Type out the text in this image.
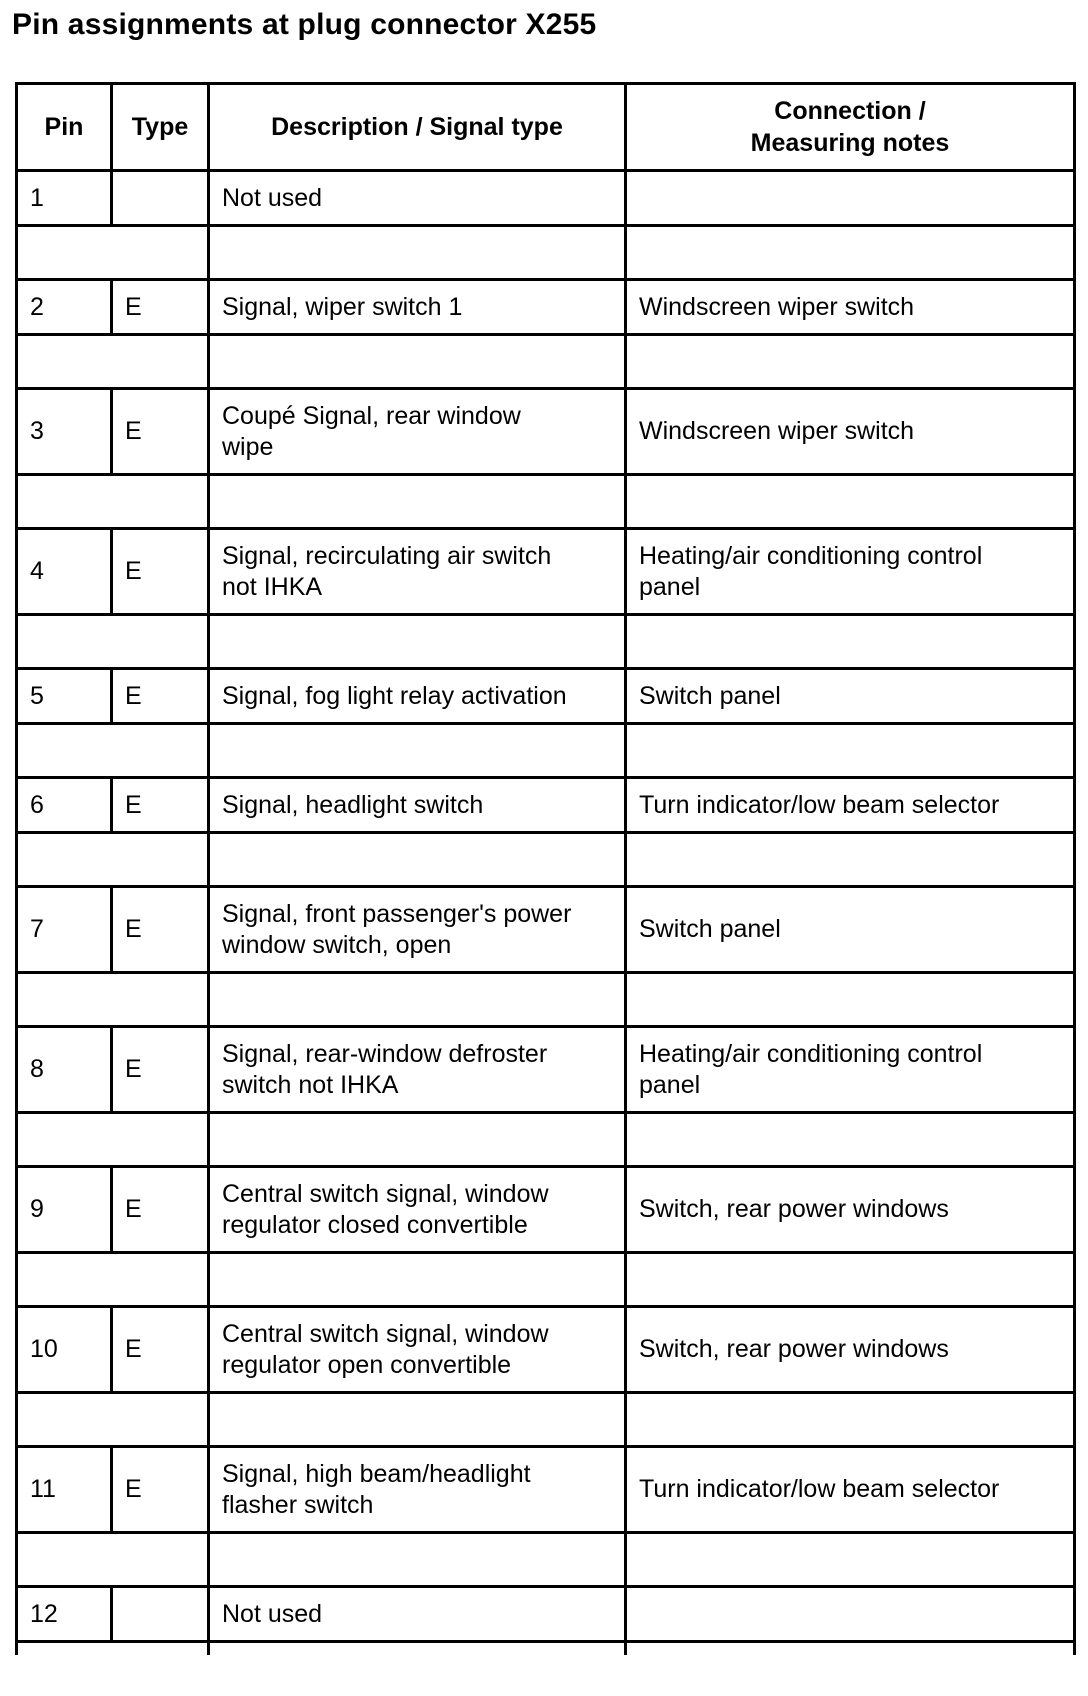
Pin assignments at plug connector X255
Pin	Type	Description / Signal type	Connection /
Measuring notes
1		Not used	

2	E	Signal, wiper switch 1	Windscreen wiper switch

3	E	Coupé Signal, rear window
wipe	Windscreen wiper switch

4	E	Signal, recirculating air switch
not IHKA	Heating/air conditioning control
panel

5	E	Signal, fog light relay activation	Switch panel

6	E	Signal, headlight switch	Turn indicator/low beam selector

7	E	Signal, front passenger's power
window switch, open	Switch panel

8	E	Signal, rear-window defroster
switch not IHKA	Heating/air conditioning control
panel

9	E	Central switch signal, window
regulator closed convertible	Switch, rear power windows

10	E	Central switch signal, window
regulator open convertible	Switch, rear power windows

11	E	Signal, high beam/headlight
flasher switch	Turn indicator/low beam selector

12		Not used	
